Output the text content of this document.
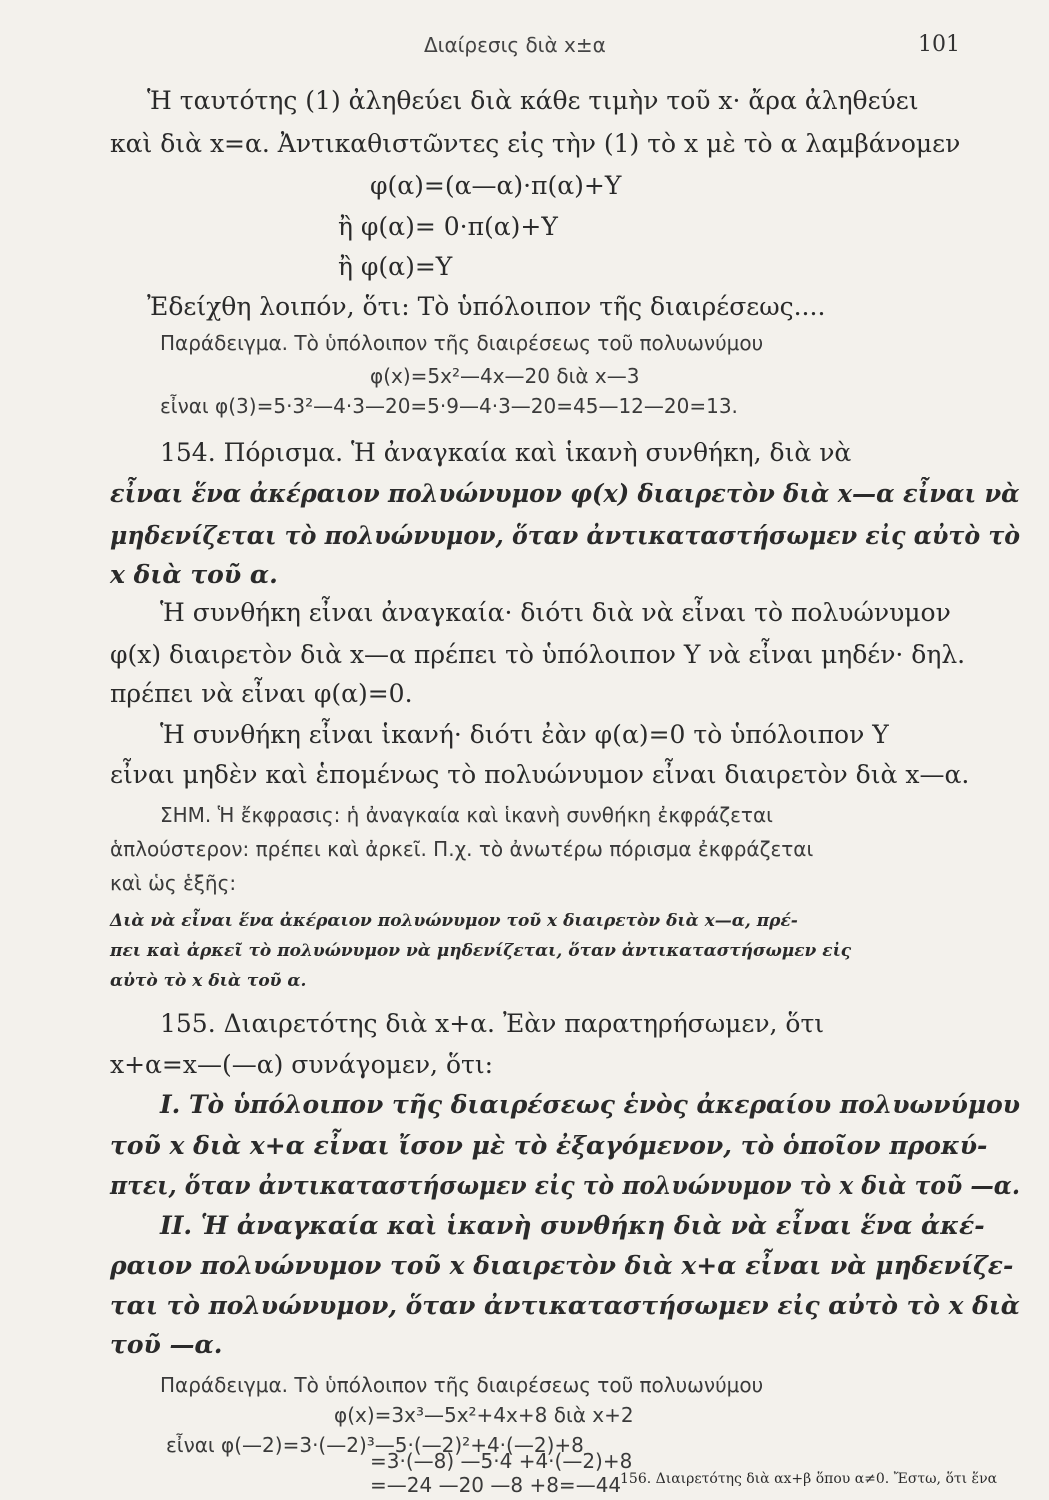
Διαίρεσις διὰ x±α	101
Ἡ ταυτότης (1) ἀληθεύει διὰ κάθε τιμὴν τοῦ x· ἄρα ἀληθεύει
καὶ διὰ x=α. Ἀντικαθιστῶντες εἰς τὴν (1) τὸ x μὲ τὸ α λαμβάνομεν
φ(α)=(α—α)·π(α)+Υ
ἢ φ(α)= 0·π(α)+Υ
ἢ φ(α)=Υ
Ἐδείχθη λοιπόν, ὅτι: Τὸ ὑπόλοιπον τῆς διαιρέσεως....
Παράδειγμα. Τὸ ὑπόλοιπον τῆς διαιρέσεως τοῦ πολυωνύμου
φ(x)=5x²—4x—20 διὰ x—3
εἶναι φ(3)=5·3²—4·3—20=5·9—4·3—20=45—12—20=13.
154. Πόρισμα. Ἡ ἀναγκαία καὶ ἱκανὴ συνθήκη, διὰ νὰ
εἶναι ἕνα ἀκέραιον πολυώνυμον φ(x) διαιρετὸν διὰ x—α εἶναι νὰ
μηδενίζεται τὸ πολυώνυμον, ὅταν ἀντικαταστήσωμεν εἰς αὐτὸ τὸ
x διὰ τοῦ α.
Ἡ συνθήκη εἶναι ἀναγκαία· διότι διὰ νὰ εἶναι τὸ πολυώνυμον
φ(x) διαιρετὸν διὰ x—α πρέπει τὸ ὑπόλοιπον Υ νὰ εἶναι μηδέν· δηλ.
πρέπει νὰ εἶναι φ(α)=0.
Ἡ συνθήκη εἶναι ἱκανή· διότι ἐὰν φ(α)=0 τὸ ὑπόλοιπον Υ
εἶναι μηδὲν καὶ ἑπομένως τὸ πολυώνυμον εἶναι διαιρετὸν διὰ x—α.
ΣΗΜ. Ἡ ἔκφρασις: ἡ ἀναγκαία καὶ ἱκανὴ συνθήκη ἐκφράζεται
ἁπλούστερον: πρέπει καὶ ἀρκεῖ. Π.χ. τὸ ἀνωτέρω πόρισμα ἐκφράζεται
καὶ ὡς ἑξῆς:
Διὰ νὰ εἶναι ἕνα ἀκέραιον πολυώνυμον τοῦ x διαιρετὸν διὰ x—α, πρέ-
πει καὶ ἀρκεῖ τὸ πολυώνυμον νὰ μηδενίζεται, ὅταν ἀντικαταστήσωμεν εἰς
αὐτὸ τὸ x διὰ τοῦ α.
155. Διαιρετότης διὰ x+α. Ἐὰν παρατηρήσωμεν, ὅτι
x+α=x—(—α) συνάγομεν, ὅτι:
I. Τὸ ὑπόλοιπον τῆς διαιρέσεως ἑνὸς ἀκεραίου πολυωνύμου
τοῦ x διὰ x+α εἶναι ἴσον μὲ τὸ ἐξαγόμενον, τὸ ὁποῖον προκύ-
πτει, ὅταν ἀντικαταστήσωμεν εἰς τὸ πολυώνυμον τὸ x διὰ τοῦ —α.
II. Ἡ ἀναγκαία καὶ ἱκανὴ συνθήκη διὰ νὰ εἶναι ἕνα ἀκέ-
ραιον πολυώνυμον τοῦ x διαιρετὸν διὰ x+α εἶναι νὰ μηδενίζε-
ται τὸ πολυώνυμον, ὅταν ἀντικαταστήσωμεν εἰς αὐτὸ τὸ x διὰ
τοῦ —α.
Παράδειγμα. Τὸ ὑπόλοιπον τῆς διαιρέσεως τοῦ πολυωνύμου
φ(x)=3x³—5x²+4x+8 διὰ x+2
εἶναι φ(—2)=3·(—2)³—5·(—2)²+4·(—2)+8
=3·(—8) —5·4 +4·(—2)+8
=—24 —20 —8 +8=—44
156. Διαιρετότης διὰ αx+β ὅπου α≠0. Ἔστω, ὅτι ἕνα
